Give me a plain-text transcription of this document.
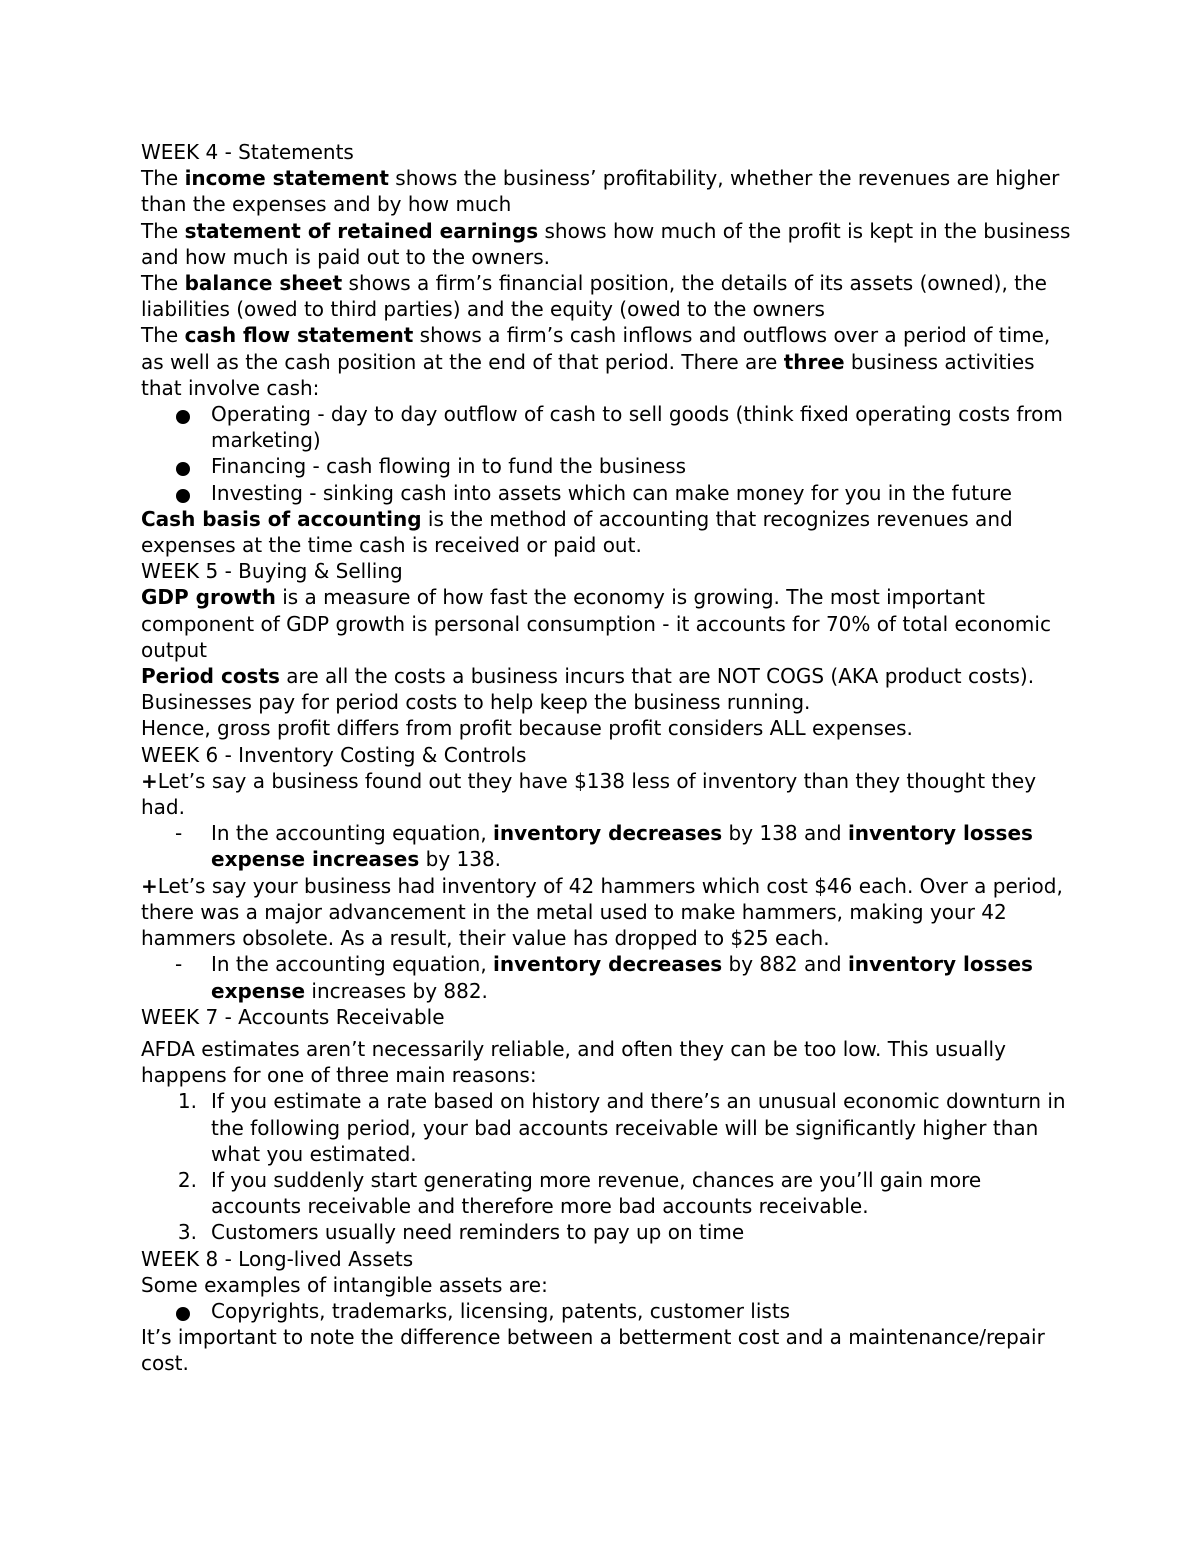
WEEK 4 - Statements

The income statement shows the business’ profitability, whether the revenues are higher than the expenses and by how much

The statement of retained earnings shows how much of the profit is kept in the business and how much is paid out to the owners.

The balance sheet shows a firm’s financial position, the details of its assets (owned), the liabilities (owed to third parties) and the equity (owed to the owners

The cash flow statement shows a firm’s cash inflows and outflows over a period of time, as well as the cash position at the end of that period. There are three business activities that involve cash:

Operating - day to day outflow of cash to sell goods (think fixed operating costs from marketing)

Financing - cash flowing in to fund the business

Investing - sinking cash into assets which can make money for you in the future

Cash basis of accounting is the method of accounting that recognizes revenues and expenses at the time cash is received or paid out.

WEEK 5 - Buying & Selling

GDP growth is a measure of how fast the economy is growing. The most important component of GDP growth is personal consumption - it accounts for 70% of total economic output

Period costs are all the costs a business incurs that are NOT COGS (AKA product costs). Businesses pay for period costs to help keep the business running.

Hence, gross profit differs from profit because profit considers ALL expenses.

WEEK 6 - Inventory Costing & Controls

+Let’s say a business found out they have $138 less of inventory than they thought they had.

- In the accounting equation, inventory decreases by 138 and inventory losses expense increases by 138.

+Let’s say your business had inventory of 42 hammers which cost $46 each. Over a period, there was a major advancement in the metal used to make hammers, making your 42 hammers obsolete. As a result, their value has dropped to $25 each.

- In the accounting equation, inventory decreases by 882 and inventory losses expense increases by 882.

WEEK 7 - Accounts Receivable

AFDA estimates aren’t necessarily reliable, and often they can be too low. This usually happens for one of three main reasons:

1. If you estimate a rate based on history and there’s an unusual economic downturn in the following period, your bad accounts receivable will be significantly higher than what you estimated.

2. If you suddenly start generating more revenue, chances are you’ll gain more accounts receivable and therefore more bad accounts receivable.

3. Customers usually need reminders to pay up on time

WEEK 8 - Long-lived Assets

Some examples of intangible assets are:

Copyrights, trademarks, licensing, patents, customer lists

It’s important to note the difference between a betterment cost and a maintenance/repair cost.
